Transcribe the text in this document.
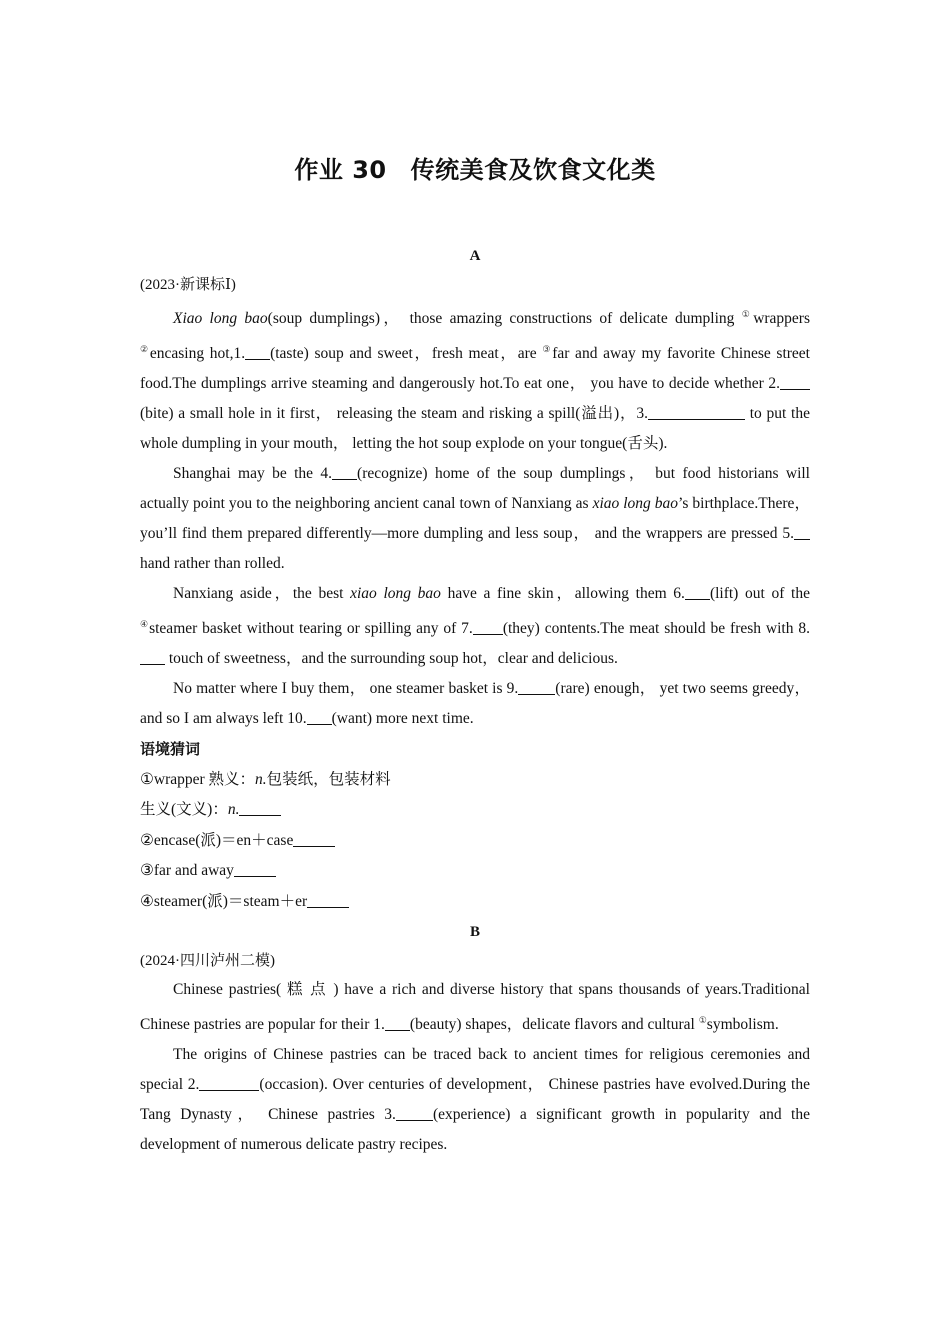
作业 30 传统美食及饮食文化类
A
(2023·新课标Ⅰ)

Xiao long bao(soup dumplings)， those amazing constructions of delicate dumpling ①wrappers ②encasing hot,1. (taste) soup and sweet，fresh meat，are ③far and away my favorite Chinese street food.The dumplings arrive steaming and dangerously hot.To eat one， you have to decide whether 2.(bite) a small hole in it first， releasing the steam and risking a spill(溢出)，3.	to put the whole dumpling in your mouth， letting the hot soup explode on your tongue(舌头).

Shanghai may be the 4. (recognize) home of the soup dumplings， but food historians will actually point you to the neighboring ancient canal town of Nanxiang as xiao long bao’s birthplace.There，you’ll find them prepared differently—more dumpling and less soup， and the wrappers are pressed 5.hand rather than rolled.

Nanxiang aside，the best xiao long bao have a fine skin，allowing them 6. (lift) out of the ④steamer basket without tearing or spilling any of 7. (they) contents.The meat should be fresh with 8. touch of sweetness，and the surrounding soup hot，clear and delicious.

No matter where I buy them， one steamer basket is 9. (rare) enough， yet two seems greedy，and so I am always left 10. (want) more next time.

语境猜词

①wrapper 熟义：n.包装纸，包装材料

生义(文义)：n.

②encase(派)＝en＋case

③far and away

④steamer(派)＝steam＋er

B
(2024·四川泸州二模)

Chinese pastries( 糕 点 ) have a rich and diverse history that spans thousands of years.Traditional Chinese pastries are popular for their 1. (beauty) shapes，delicate flavors and cultural ①symbolism.

The origins of Chinese pastries can be traced back to ancient times for religious ceremonies and special 2.	(occasion). Over centuries of development， Chinese pastries have evolved.During the Tang Dynasty， Chinese pastries 3. (experience) a significant growth in popularity and the development of numerous delicate pastry recipes.
